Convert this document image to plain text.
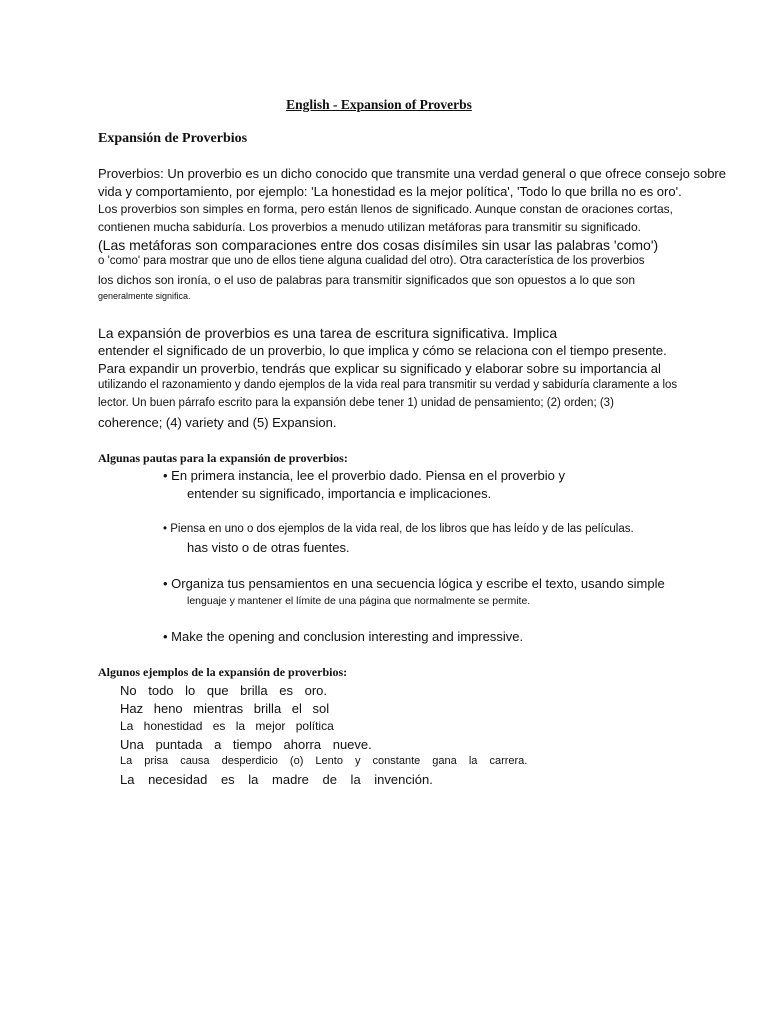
English - Expansion of Proverbs
Expansión de Proverbios
Proverbios: Un proverbio es un dicho conocido que transmite una verdad general o que ofrece consejo sobre
vida y comportamiento, por ejemplo: 'La honestidad es la mejor política', 'Todo lo que brilla no es oro'.
Los proverbios son simples en forma, pero están llenos de significado. Aunque constan de oraciones cortas,
contienen mucha sabiduría. Los proverbios a menudo utilizan metáforas para transmitir su significado.
(Las metáforas son comparaciones entre dos cosas disímiles sin usar las palabras 'como')
o 'como' para mostrar que uno de ellos tiene alguna cualidad del otro). Otra característica de los proverbios
los dichos son ironía, o el uso de palabras para transmitir significados que son opuestos a lo que son
generalmente significa.
La expansión de proverbios es una tarea de escritura significativa. Implica
entender el significado de un proverbio, lo que implica y cómo se relaciona con el tiempo presente.
Para expandir un proverbio, tendrás que explicar su significado y elaborar sobre su importancia al
utilizando el razonamiento y dando ejemplos de la vida real para transmitir su verdad y sabiduría claramente a los
lector. Un buen párrafo escrito para la expansión debe tener 1) unidad de pensamiento; (2) orden; (3)
coherence; (4) variety and (5) Expansion.
Algunas pautas para la expansión de proverbios:
• En primera instancia, lee el proverbio dado. Piensa en el proverbio y
entender su significado, importancia e implicaciones.
• Piensa en uno o dos ejemplos de la vida real, de los libros que has leído y de las películas.
has visto o de otras fuentes.
• Organiza tus pensamientos en una secuencia lógica y escribe el texto, usando simple
lenguaje y mantener el límite de una página que normalmente se permite.
• Make the opening and conclusion interesting and impressive.
Algunos ejemplos de la expansión de proverbios:
No todo lo que brilla es oro.
Haz heno mientras brilla el sol
La honestidad es la mejor política
Una puntada a tiempo ahorra nueve.
La prisa causa desperdicio (o) Lento y constante gana la carrera.
La necesidad es la madre de la invención.
